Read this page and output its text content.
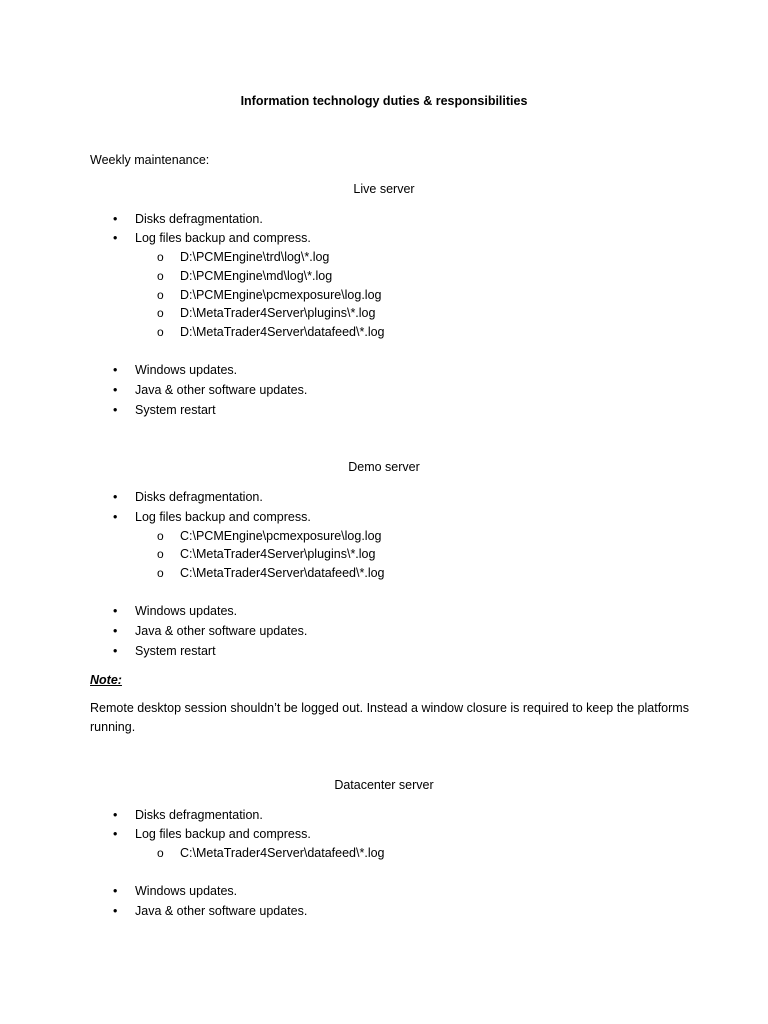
Information technology duties & responsibilities
Weekly maintenance:
Live server
• Disks defragmentation.
• Log files backup and compress.
o D:\PCMEngine\trd\log\*.log
o D:\PCMEngine\md\log\*.log
o D:\PCMEngine\pcmexposure\log.log
o D:\MetaTrader4Server\plugins\*.log
o D:\MetaTrader4Server\datafeed\*.log
• Windows updates.
• Java & other software updates.
• System restart
Demo server
• Disks defragmentation.
• Log files backup and compress.
o C:\PCMEngine\pcmexposure\log.log
o C:\MetaTrader4Server\plugins\*.log
o C:\MetaTrader4Server\datafeed\*.log
• Windows updates.
• Java & other software updates.
• System restart
Note:
Remote desktop session shouldn’t be logged out. Instead a window closure is required to keep the platforms running.
Datacenter server
• Disks defragmentation.
• Log files backup and compress.
o C:\MetaTrader4Server\datafeed\*.log
• Windows updates.
• Java & other software updates.
